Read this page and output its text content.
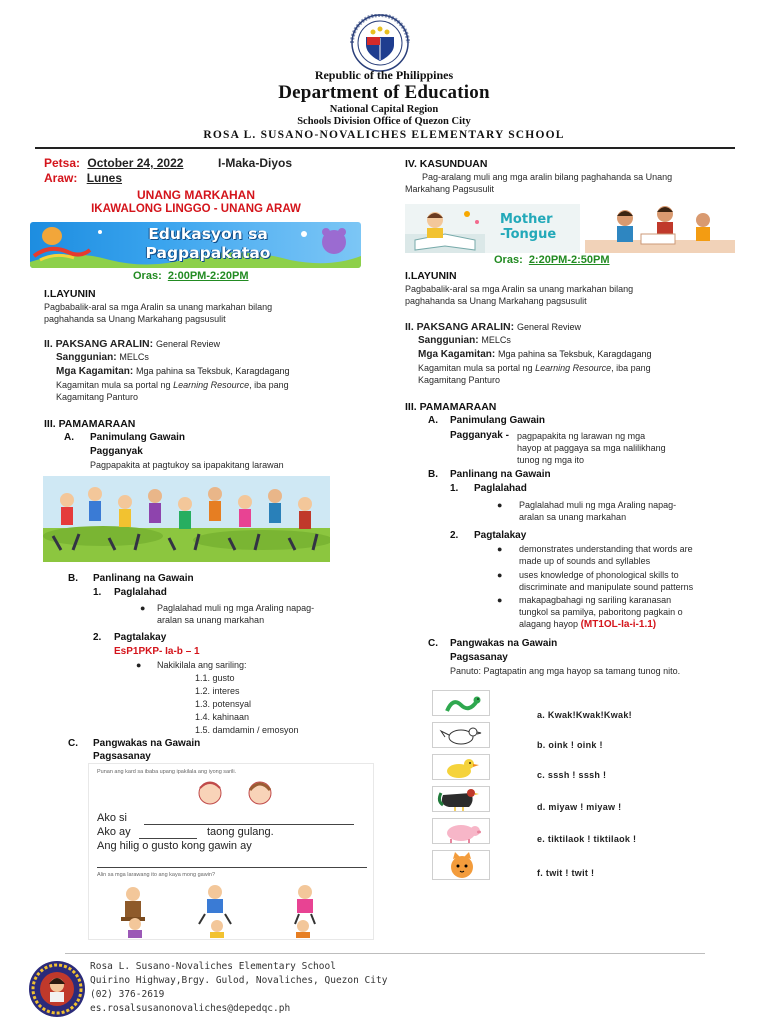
Republic of the Philippines
Department of Education
National Capital Region
Schools Division Office of Quezon City
ROSA L. SUSANO-NOVALICHES ELEMENTARY SCHOOL
Petsa: October 24, 2022	I-Maka-Diyos
Araw: Lunes
UNANG MARKAHAN
IKAWALONG LINGGO - UNANG ARAW
Edukasyon sa
Pagpapakatao
Oras: 2:00PM-2:20PM
I.LAYUNIN
Pagbabalik-aral sa mga Aralin sa unang markahan bilang
paghahanda sa Unang Markahang pagsusulit
II. PAKSANG ARALIN: General Review
Sanggunian: MELCs
Mga Kagamitan: Mga pahina sa Teksbuk, Karagdagang
Kagamitan mula sa portal ng Learning Resource, iba pang
Kagamitang Panturo
III. PAMAMARAAN
A. Panimulang Gawain
Pagganyak
Pagpapakita at pagtukoy sa ipapakitang larawan
B. Panlinang na Gawain
1. Paglalahad
● Paglalahad muli ng mga Araling napag-
aralan sa unang markahan
2. Pagtalakay
EsP1PKP- Ia-b – 1
● Nakikilala ang sariling:
1.1. gusto
1.2. interes
1.3. potensyal
1.4. kahinaan
1.5. damdamin / emosyon
C. Pangwakas na Gawain
Pagsasanay
Punan ang kard sa ibaba upang ipakilala ang iyong sarili.
Ako si
Ako ay	taong gulang.
Ang hilig o gusto kong gawin ay
Alin sa mga larawang ito ang kaya mong gawin?
IV. KASUNDUAN
Pag-aralang muli ang mga aralin bilang paghahanda sa Unang
Markahang Pagsusulit
Mother
-Tongue
Oras: 2:20PM-2:50PM
I.LAYUNIN
Pagbabalik-aral sa mga Aralin sa unang markahan bilang
paghahanda sa Unang Markahang pagsusulit
II. PAKSANG ARALIN: General Review
Sanggunian: MELCs
Mga Kagamitan: Mga pahina sa Teksbuk, Karagdagang
Kagamitan mula sa portal ng Learning Resource, iba pang
Kagamitang Panturo
III. PAMAMARAAN
A. Panimulang Gawain
Pagganyak - pagpapakita ng larawan ng mga
hayop at paggaya sa mga nalilikhang
tunog ng mga ito
B. Panlinang na Gawain
1. Paglalahad
● Paglalahad muli ng mga Araling napag-
aralan sa unang markahan
2. Pagtalakay
● demonstrates understanding that words are
made up of sounds and syllables
● uses knowledge of phonological skills to
discriminate and manipulate sound patterns
● makapagbahagi ng sariling karanasan
tungkol sa pamilya, paboritong pagkain o
alagang hayop (MT1OL-Ia-i-1.1)
C. Pangwakas na Gawain
Pagsasanay
Panuto: Pagtapatin ang mga hayop sa tamang tunog nito.
a. Kwak!Kwak!Kwak!
b. oink ! oink !
c. sssh ! sssh !
d. miyaw ! miyaw !
e. tiktilaok ! tiktilaok !
f. twit ! twit !
Rosa L. Susano-Novaliches Elementary School
Quirino Highway,Brgy. Gulod, Novaliches, Quezon City
(02) 376-2619
es.rosalsusanonovaliches@depedqc.ph
